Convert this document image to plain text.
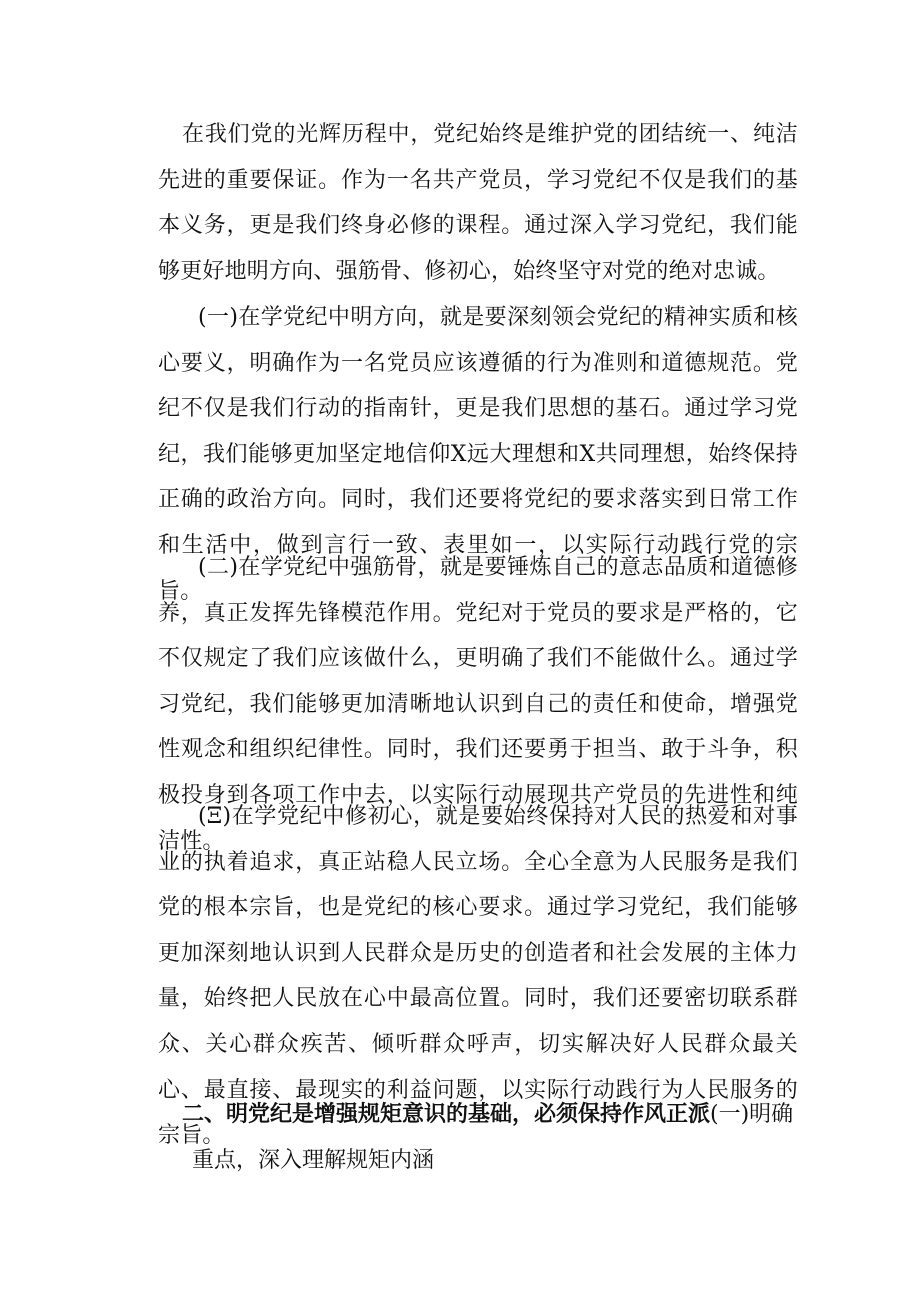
在我们党的光辉历程中，党纪始终是维护党的团结统一、纯洁先进的重要保证。作为一名共产党员，学习党纪不仅是我们的基本义务，更是我们终身必修的课程。通过深入学习党纪，我们能够更好地明方向、强筋骨、修初心，始终坚守对党的绝对忠诚。

(一)在学党纪中明方向，就是要深刻领会党纪的精神实质和核心要义，明确作为一名党员应该遵循的行为准则和道德规范。党纪不仅是我们行动的指南针，更是我们思想的基石。通过学习党纪，我们能够更加坚定地信仰X远大理想和X共同理想，始终保持正确的政治方向。同时，我们还要将党纪的要求落实到日常工作和生活中，做到言行一致、表里如一，以实际行动践行党的宗旨。

(二)在学党纪中强筋骨，就是要锤炼自己的意志品质和道德修养，真正发挥先锋模范作用。党纪对于党员的要求是严格的，它不仅规定了我们应该做什么，更明确了我们不能做什么。通过学习党纪，我们能够更加清晰地认识到自己的责任和使命，增强党性观念和组织纪律性。同时，我们还要勇于担当、敢于斗争，积极投身到各项工作中去，以实际行动展现共产党员的先进性和纯洁性。

(Ξ)在学党纪中修初心，就是要始终保持对人民的热爱和对事业的执着追求，真正站稳人民立场。全心全意为人民服务是我们党的根本宗旨，也是党纪的核心要求。通过学习党纪，我们能够更加深刻地认识到人民群众是历史的创造者和社会发展的主体力量，始终把人民放在心中最高位置。同时，我们还要密切联系群众、关心群众疾苦、倾听群众呼声，切实解决好人民群众最关心、最直接、最现实的利益问题，以实际行动践行为人民服务的宗旨。

二、明党纪是增强规矩意识的基础，必须保持作风正派(一)明确
重点，深入理解规矩内涵
